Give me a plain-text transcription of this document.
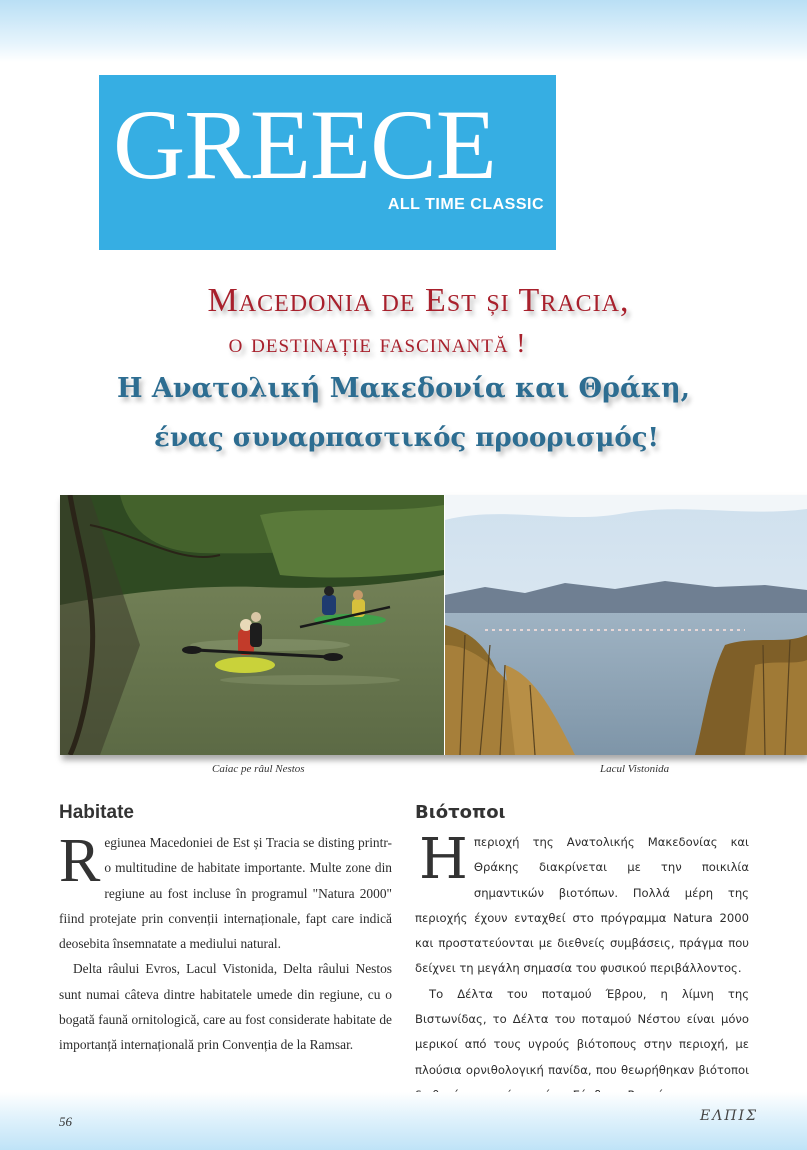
GREECE
ALL TIME CLASSIC
Macedonia de Est și Tracia,
o destinație fascinantă !
Η Ανατολική Μακεδονία και Θράκη,
ένας συναρπαστικός προορισμός!
Caiac pe râul Nestos	Lacul Vistonida
Habitate	Βιότοποι

Regiunea Macedoniei de Est și Tracia se disting printr-o multitudine de habitate importante. Multe zone din regiune au fost incluse în programul "Natura 2000" fiind protejate prin convenții internaționale, fapt care indică deosebita însemnatate a mediului natural.

Delta râului Evros, Lacul Vistonida, Delta râului Nestos sunt numai câteva dintre habitatele umede din regiune, cu o bogată faună ornitologică, care au fost considerate habitate de importanță internațională prin Convenția de la Ramsar.

Ηπεριοχή της Ανατολικής Μακεδονίας και Θράκης διακρίνεται με την ποικιλία σημαντικών βιοτόπων. Πολλά μέρη της περιοχής έχουν ενταχθεί στο πρόγραμμα Natura 2000 και προστατεύονται με διεθνείς συμβάσεις, πράγμα που δείχνει τη μεγάλη σημασία του φυσικού περιβάλλοντος.

Το Δέλτα του ποταμού Έβρου, η λίμνη της Βιστωνίδας, το Δέλτα του ποταμού Νέστου είναι μόνο μερικοί από τους υγρούς βιότοπους στην περιοχή, με πλούσια ορνιθολογική πανίδα, που θεωρήθηκαν βιότοποι

56	ΕΛΠΙΣ
